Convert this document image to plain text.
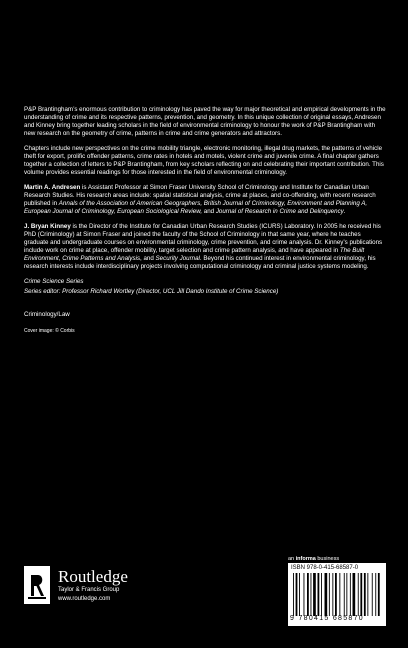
P&P Brantingham’s enormous contribution to criminology has paved the way for major theoretical and empirical developments in the understanding of crime and its respective patterns, prevention, and geometry. In this unique collection of original essays, Andresen and Kinney bring together leading scholars in the field of environmental criminology to honour the work of P&P Brantingham with new research on the geometry of crime, patterns in crime and crime generators and attractors.

Chapters include new perspectives on the crime mobility triangle, electronic monitoring, illegal drug markets, the patterns of vehicle theft for export, prolific offender patterns, crime rates in hotels and motels, violent crime and juvenile crime. A final chapter gathers together a collection of letters to P&P Brantingham, from key scholars reflecting on and celebrating their important contribution. This volume provides essential readings for those interested in the field of environmental criminology.

Martin A. Andresen is Assistant Professor at Simon Fraser University School of Criminology and Institute for Canadian Urban Research Studies. His research areas include: spatial statistical analysis, crime at places, and co-offending, with recent research published in Annals of the Association of American Geographers, British Journal of Criminology, Environment and Planning A, European Journal of Criminology, European Sociological Review, and Journal of Research in Crime and Delinquency.

J. Bryan Kinney is the Director of the Institute for Canadian Urban Research Studies (ICURS) Laboratory. In 2005 he received his PhD (Criminology) at Simon Fraser and joined the faculty of the School of Criminology in that same year, where he teaches graduate and undergraduate courses on environmental criminology, crime prevention, and crime analysis. Dr. Kinney’s publications include work on crime at place, offender mobility, target selection and crime pattern analysis, and have appeared in The Built Environment, Crime Patterns and Analysis, and Security Journal. Beyond his continued interest in environmental criminology, his research interests include interdisciplinary projects involving computational criminology and criminal justice systems modeling.

Crime Science Series

Series editor: Professor Richard Wortley (Director, UCL Jill Dando Institute of Crime Science)

Criminology/Law

Cover image: © Corbis

an informa business
Routledge
Taylor & Francis Group
www.routledge.com
ISBN 978-0-415-68587-0
9 780415 685870
